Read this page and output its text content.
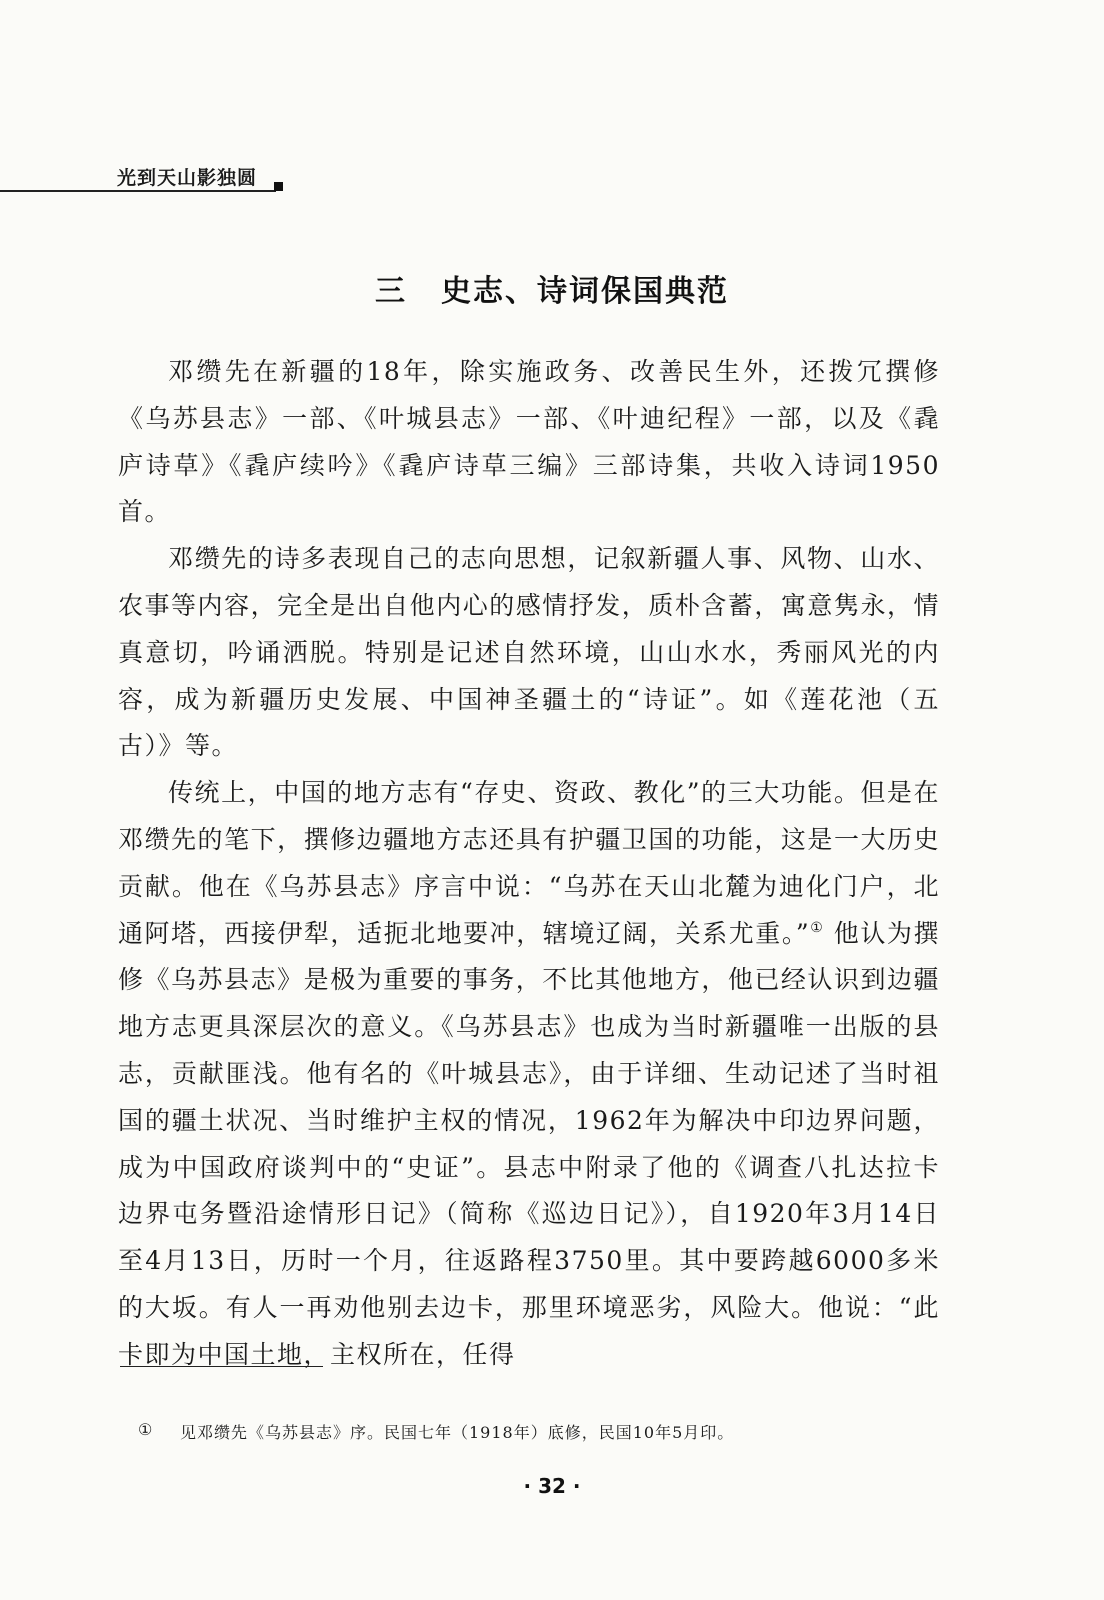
光到天山影独圆
三 史志、诗词保国典范

邓缵先在新疆的18年，除实施政务、改善民生外，还拨冗撰修《乌苏县志》一部、《叶城县志》一部、《叶迪纪程》一部，以及《毳庐诗草》《毳庐续吟》《毳庐诗草三编》三部诗集，共收入诗词1950首。

邓缵先的诗多表现自己的志向思想，记叙新疆人事、风物、山水、农事等内容，完全是出自他内心的感情抒发，质朴含蓄，寓意隽永，情真意切，吟诵洒脱。特别是记述自然环境，山山水水，秀丽风光的内容，成为新疆历史发展、中国神圣疆土的“诗证”。如《莲花池（五古）》等。

传统上，中国的地方志有“存史、资政、教化”的三大功能。但是在邓缵先的笔下，撰修边疆地方志还具有护疆卫国的功能，这是一大历史贡献。他在《乌苏县志》序言中说：“乌苏在天山北麓为迪化门户，北通阿塔，西接伊犁，适扼北地要冲，辖境辽阔，关系尤重。”① 他认为撰修《乌苏县志》是极为重要的事务，不比其他地方，他已经认识到边疆地方志更具深层次的意义。《乌苏县志》也成为当时新疆唯一出版的县志，贡献匪浅。他有名的《叶城县志》，由于详细、生动记述了当时祖国的疆土状况、当时维护主权的情况，1962年为解决中印边界问题，成为中国政府谈判中的“史证”。县志中附录了他的《调查八扎达拉卡边界屯务暨沿途情形日记》（简称《巡边日记》），自1920年3月14日至4月13日，历时一个月，往返路程3750里。其中要跨越6000多米的大坂。有人一再劝他别去边卡，那里环境恶劣，风险大。他说：“此卡即为中国土地，主权所在，任得

① 见邓缵先《乌苏县志》序。民国七年（1918年）底修，民国10年5月印。
· 32 ·
